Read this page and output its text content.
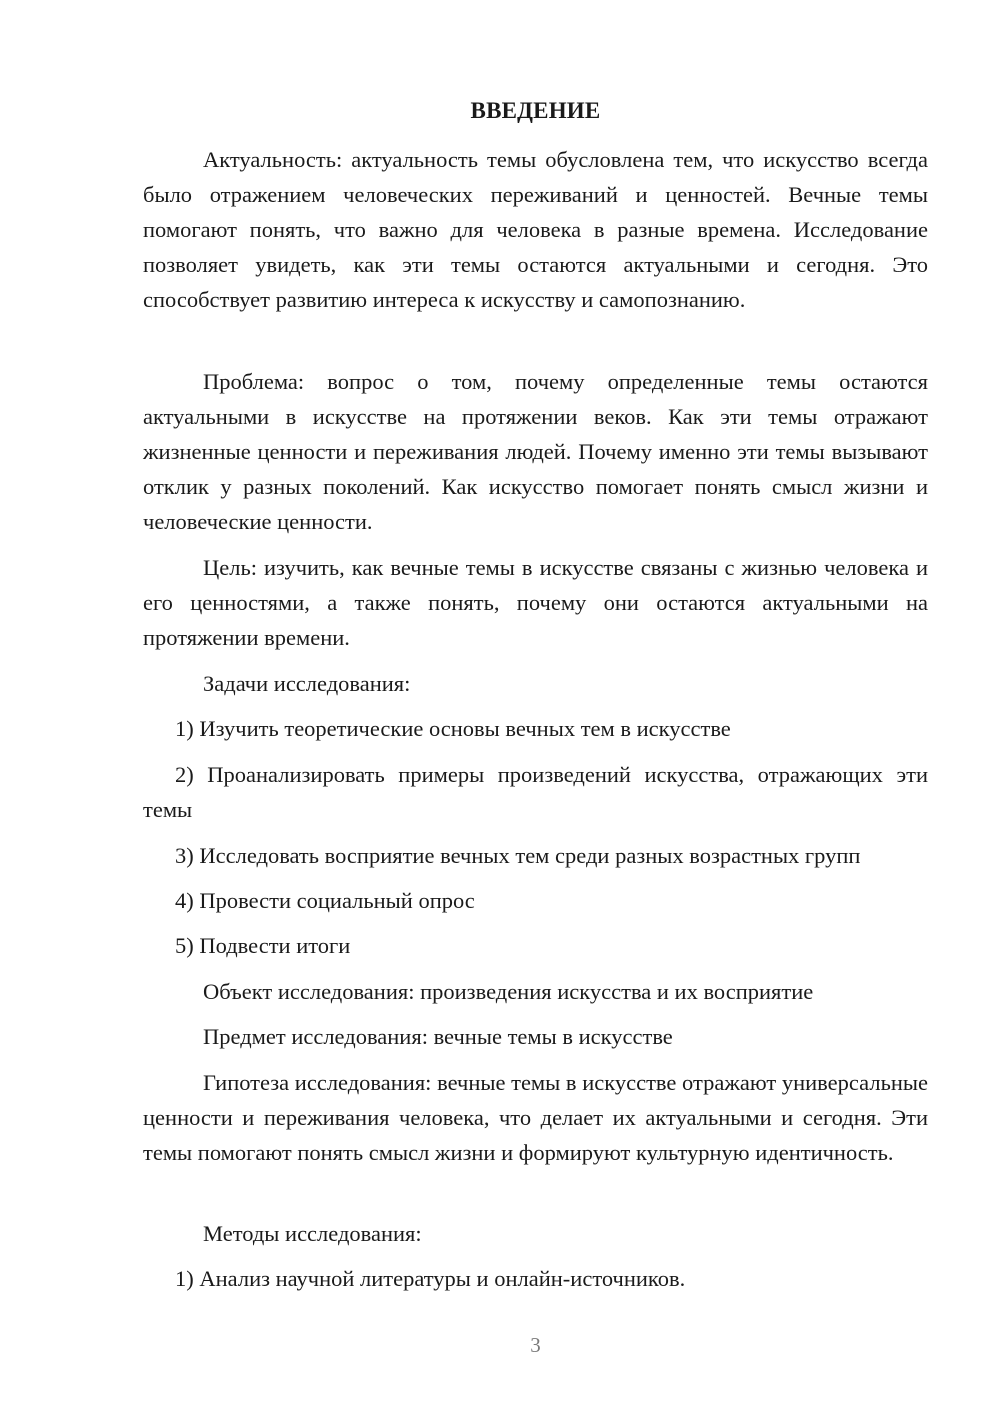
ВВЕДЕНИЕ

Актуальность: актуальность темы обусловлена тем, что искусство всегда было отражением человеческих переживаний и ценностей. Вечные темы помогают понять, что важно для человека в разные времена. Исследование позволяет увидеть, как эти темы остаются актуальными и сегодня. Это способствует развитию интереса к искусству и самопознанию.

Проблема: вопрос о том, почему определенные темы остаются актуальными в искусстве на протяжении веков. Как эти темы отражают жизненные ценности и переживания людей. Почему именно эти темы вызывают отклик у разных поколений. Как искусство помогает понять смысл жизни и человеческие ценности.

Цель: изучить, как вечные темы в искусстве связаны с жизнью человека и его ценностями, а также понять, почему они остаются актуальными на протяжении времени.

Задачи исследования:

1) Изучить теоретические основы вечных тем в искусстве

2) Проанализировать примеры произведений искусства, отражающих эти темы

3) Исследовать восприятие вечных тем среди разных возрастных групп

4) Провести социальный опрос

5) Подвести итоги

Объект исследования: произведения искусства и их восприятие

Предмет исследования: вечные темы в искусстве

Гипотеза исследования: вечные темы в искусстве отражают универсальные ценности и переживания человека, что делает их актуальными и сегодня. Эти темы помогают понять смысл жизни и формируют культурную идентичность.

Методы исследования:

1) Анализ научной литературы и онлайн-источников.

3
